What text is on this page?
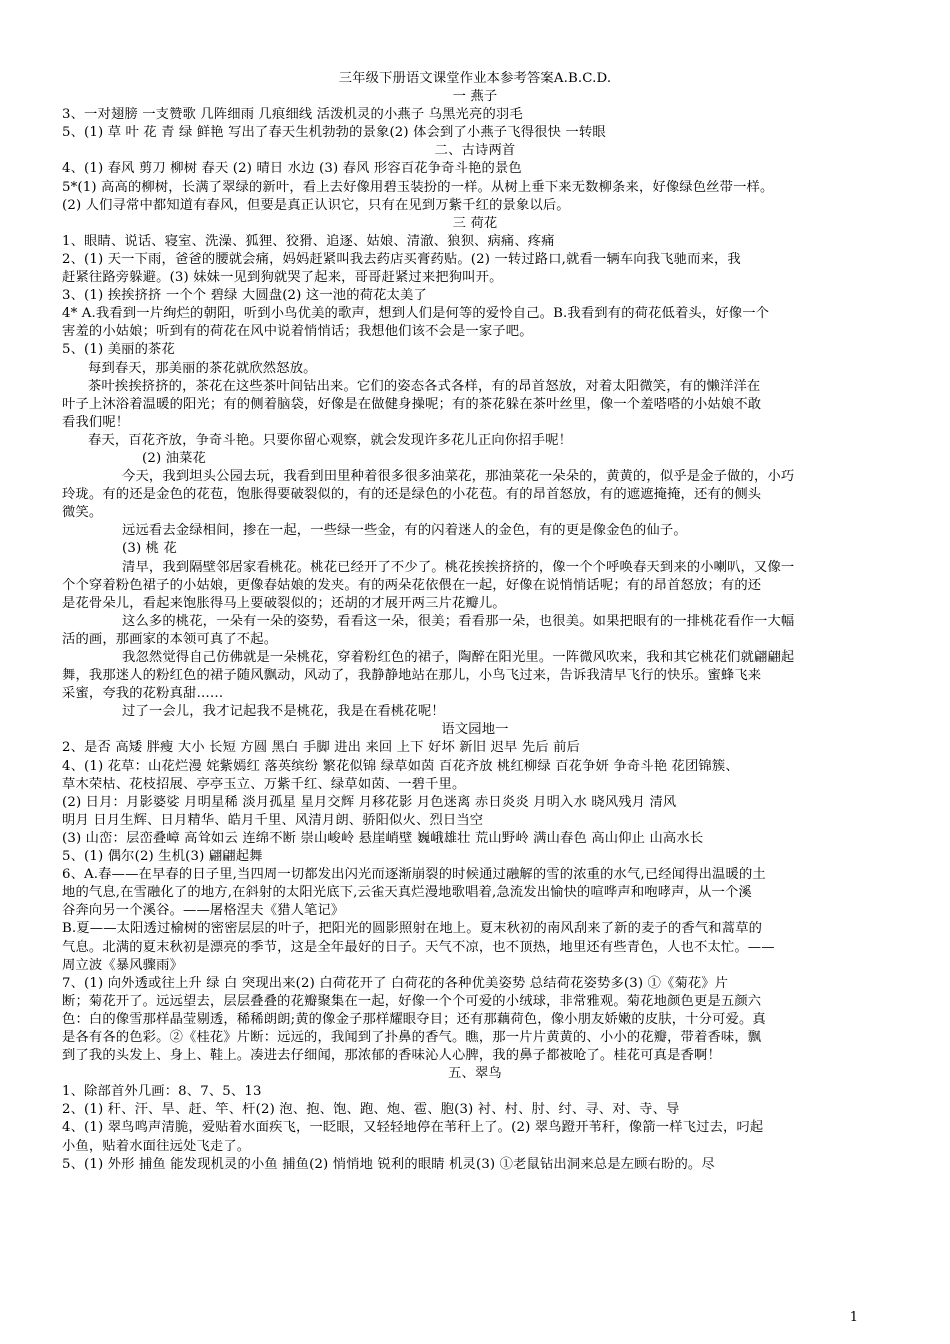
三年级下册语文课堂作业本参考答案A.B.C.D.
一 燕子
3、一对翅膀 一支赞歌 几阵细雨 几痕细线 活泼机灵的小燕子 乌黑光亮的羽毛
5、(1) 草 叶 花 青 绿 鲜艳 写出了春天生机勃勃的景象(2) 体会到了小燕子飞得很快 一转眼
二、古诗两首
4、(1) 春风 剪刀 柳树 春天 (2) 晴日 水边 (3) 春风 形容百花争奇斗艳的景色
5*(1) 高高的柳树，长满了翠绿的新叶，看上去好像用碧玉装扮的一样。从树上垂下来无数柳条来，好像绿色丝带一样。
(2) 人们寻常中都知道有春风，但要是真正认识它，只有在见到万紫千红的景象以后。
三 荷花
1、眼睛、说话、寝室、洗澡、狐狸、狡猾、追逐、姑娘、清澈、狼狈、病痛、疼痛
2、(1) 天一下雨，爸爸的腰就会痛，妈妈赶紧叫我去药店买膏药贴。(2) 一转过路口,就看一辆车向我飞驰而来，我
赶紧往路旁躲避。(3) 妹妹一见到狗就哭了起来，哥哥赶紧过来把狗叫开。
3、(1) 挨挨挤挤 一个个 碧绿 大圆盘(2) 这一池的荷花太美了
4* A.我看到一片绚烂的朝阳，听到小鸟优美的歌声，想到人们是何等的爱怜自己。B.我看到有的荷花低着头，好像一个
害羞的小姑娘；听到有的荷花在风中说着悄悄话；我想他们该不会是一家子吧。
5、(1) 美丽的茶花
每到春天，那美丽的茶花就欣然怒放。
茶叶挨挨挤挤的，茶花在这些茶叶间钻出来。它们的姿态各式各样，有的昂首怒放，对着太阳微笑，有的懒洋洋在
叶子上沐浴着温暖的阳光；有的侧着脑袋，好像是在做健身操呢；有的茶花躲在茶叶丝里，像一个羞嗒嗒的小姑娘不敢
看我们呢！
春天，百花齐放，争奇斗艳。只要你留心观察，就会发现许多花儿正向你招手呢！
(2) 油菜花
今天，我到坦头公园去玩，我看到田里种着很多很多油菜花，那油菜花一朵朵的，黄黄的，似乎是金子做的，小巧
玲珑。有的还是金色的花苞，饱胀得要破裂似的，有的还是绿色的小花苞。有的昂首怒放，有的遮遮掩掩，还有的侧头
微笑。
远远看去金绿相间，掺在一起，一些绿一些金，有的闪着迷人的金色，有的更是像金色的仙子。
(3) 桃 花
清早，我到隔壁邻居家看桃花。桃花已经开了不少了。桃花挨挨挤挤的，像一个个呼唤春天到来的小喇叭，又像一
个个穿着粉色裙子的小姑娘，更像春姑娘的发夹。有的两朵花依偎在一起，好像在说悄悄话呢；有的昂首怒放；有的还
是花骨朵儿，看起来饱胀得马上要破裂似的；还胡的才展开两三片花瓣儿。
这么多的桃花，一朵有一朵的姿势，看看这一朵，很美；看看那一朵，也很美。如果把眼有的一排桃花看作一大幅
活的画，那画家的本领可真了不起。
我忽然觉得自己仿佛就是一朵桃花，穿着粉红色的裙子，陶醉在阳光里。一阵微风吹来，我和其它桃花们就翩翩起
舞，我那迷人的粉红色的裙子随风飘动，风动了，我静静地站在那儿，小鸟飞过来，告诉我清早飞行的快乐。蜜蜂飞来
采蜜，夸我的花粉真甜……
过了一会儿，我才记起我不是桃花，我是在看桃花呢！
语文园地一
2、是否 高矮 胖瘦 大小 长短 方圆 黑白 手脚 进出 来回 上下 好坏 新旧 迟早 先后 前后
4、(1) 花草：山花烂漫 姹紫嫣红 落英缤纷 繁花似锦 绿草如茵 百花齐放 桃红柳绿 百花争妍 争奇斗艳 花团锦簇、
草木荣枯、花枝招展、亭亭玉立、万紫千红、绿草如茵、一碧千里。
(2) 日月：月影婆娑 月明星稀 淡月孤星 星月交辉 月移花影 月色迷离 赤日炎炎 月明入水 晓风残月 清风
明月 日月生辉、日月精华、皓月千里、风清月朗、骄阳似火、烈日当空
(3) 山峦：层峦叠嶂 高耸如云 连绵不断 崇山峻岭 悬崖峭壁 巍峨雄壮 荒山野岭 满山春色 高山仰止 山高水长
5、(1) 偶尔(2) 生机(3) 翩翩起舞
6、A.春——在早春的日子里,当四周一切都发出闪光而逐渐崩裂的时候通过融解的雪的浓重的水气,已经闻得出温暖的土
地的气息,在雪融化了的地方,在斜射的太阳光底下,云雀天真烂漫地歌唱着,急流发出愉快的喧哗声和咆哮声，从一个溪
谷奔向另一个溪谷。——屠格涅夫《猎人笔记》
B.夏——太阳透过榆树的密密层层的叶子，把阳光的圆影照射在地上。夏末秋初的南风刮来了新的麦子的香气和蒿草的
气息。北满的夏末秋初是漂亮的季节，这是全年最好的日子。天气不凉，也不顶热，地里还有些青色，人也不太忙。——
周立波《暴风骤雨》
7、(1) 向外透或往上升 绿 白 突现出来(2) 白荷花开了 白荷花的各种优美姿势 总结荷花姿势多(3) ①《菊花》片
断；菊花开了。远远望去，层层叠叠的花瓣聚集在一起，好像一个个可爱的小绒球，非常雅观。菊花地颜色更是五颜六
色：白的像雪那样晶莹剔透，稀稀朗朗;黄的像金子那样耀眼夺目；还有那藕荷色，像小朋友娇嫩的皮肤，十分可爱。真
是各有各的色彩。②《桂花》片断：远远的，我闻到了扑鼻的香气。瞧，那一片片黄黄的、小小的花瓣，带着香味，飘
到了我的头发上、身上、鞋上。凑进去仔细闻，那浓郁的香味沁人心脾，我的鼻子都被呛了。桂花可真是香啊！
五、翠鸟
1、除部首外几画：8、7、5、13
2、(1) 秆、汗、旱、赶、竿、杆(2) 泡、抱、饱、跑、炮、雹、胞(3) 衬、村、肘、纣、寻、对、寺、导
4、(1) 翠鸟鸣声清脆，爱贴着水面疾飞，一眨眼，又轻轻地停在苇秆上了。(2) 翠鸟蹬开苇秆，像箭一样飞过去，叼起
小鱼，贴着水面往远处飞走了。
5、(1) 外形 捕鱼 能发现机灵的小鱼 捕鱼(2) 悄悄地 锐利的眼睛 机灵(3) ①老鼠钻出洞来总是左顾右盼的。尽
1
